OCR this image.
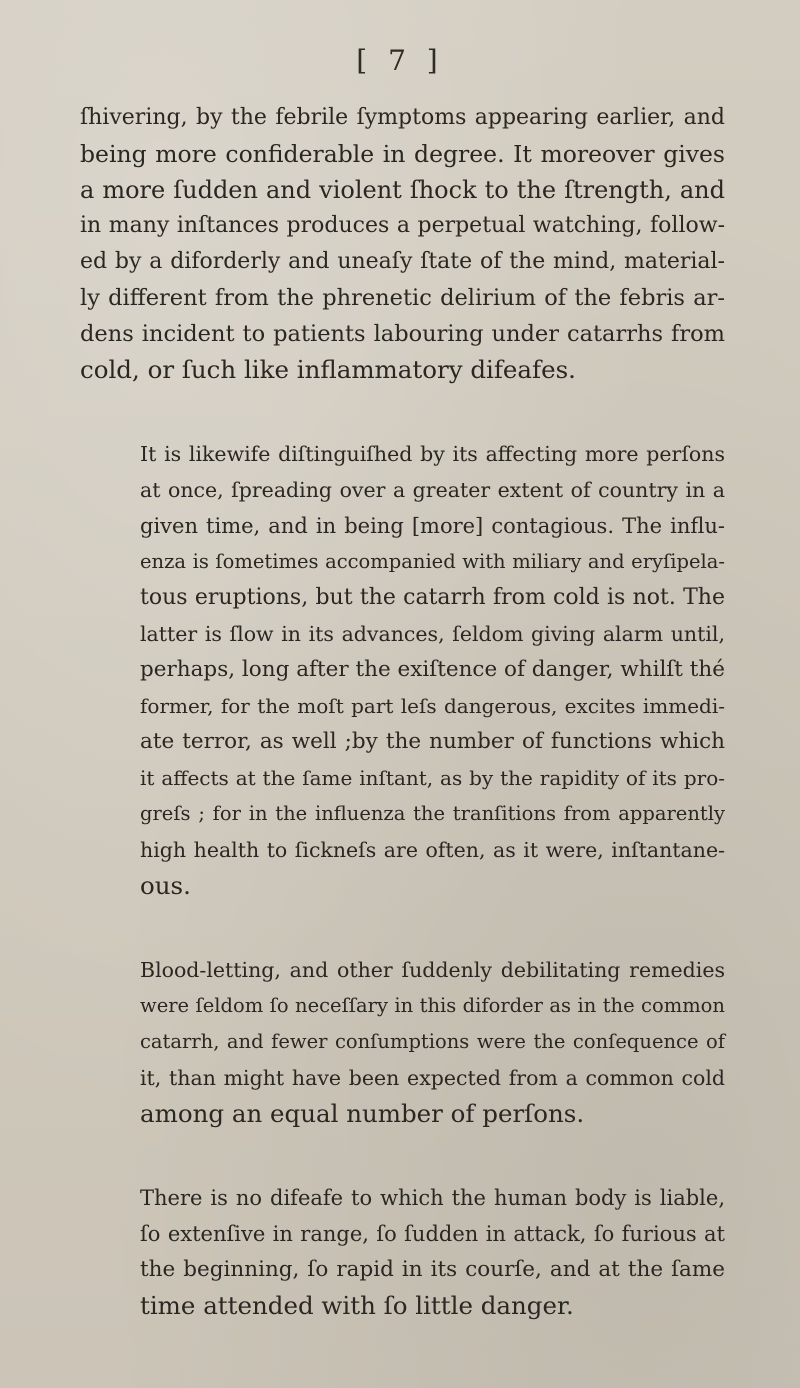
[ 7 ]

ſhivering, by the febrile ſymptoms appearing earlier, and
being more confiderable in degree. It moreover gives
a more ſudden and violent ſhock to the ſtrength, and
in many inſtances produces a perpetual watching, follow-
ed by a diforderly and uneaſy ſtate of the mind, material-
ly different from the phrenetic delirium of the febris ar-
dens incident to patients labouring under catarrhs from
cold, or ſuch like inflammatory difeafes.

It is likewife diſtinguiſhed by its affecting more perſons
at once, ſpreading over a greater extent of country in a
given time, and in being [more] contagious. The influ-
enza is ſometimes accompanied with miliary and eryſipela-
tous eruptions, but the catarrh from cold is not. The
latter is ſlow in its advances, ſeldom giving alarm until,
perhaps, long after the exiſtence of danger, whilſt thé
former, for the moſt part leſs dangerous, excites immedi-
ate terror, as well ;by the number of functions which
it affects at the ſame inſtant, as by the rapidity of its pro-
greſs ; for in the influenza the tranſitions from apparently
high health to ſickneſs are often, as it were, inſtantane-
ous.

Blood-letting, and other ſuddenly debilitating remedies
were ſeldom ſo neceſſary in this diforder as in the common
catarrh, and fewer conſumptions were the conſequence of
it, than might have been expected from a common cold
among an equal number of perſons.

There is no difeafe to which the human body is liable,
ſo extenſive in range, ſo ſudden in attack, ſo furious at
the beginning, ſo rapid in its courſe, and at the ſame
time attended with ſo little danger.
